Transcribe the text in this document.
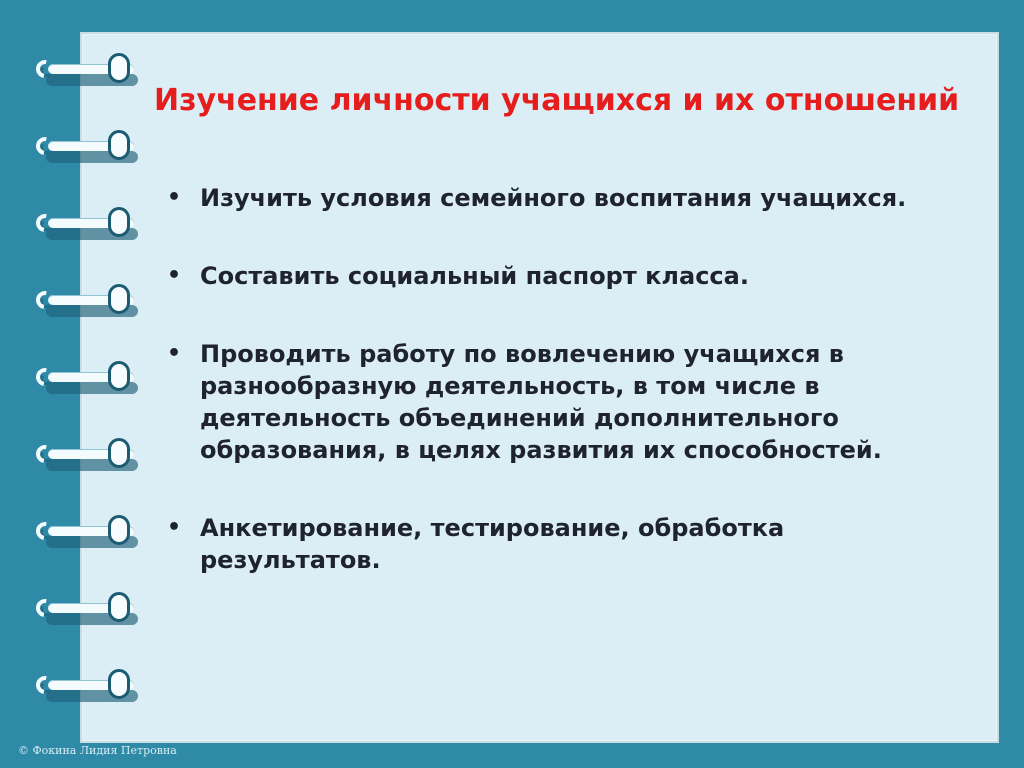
Изучение личности учащихся и их отношений
• Изучить условия семейного воспитания учащихся.
• Составить социальный паспорт класса.
• Проводить работу по вовлечению учащихся в разнообразную деятельность, в том числе в деятельность объединений дополнительного образования, в целях развития их способностей.
• Анкетирование, тестирование, обработка результатов.
© Фокина Лидия Петровна
